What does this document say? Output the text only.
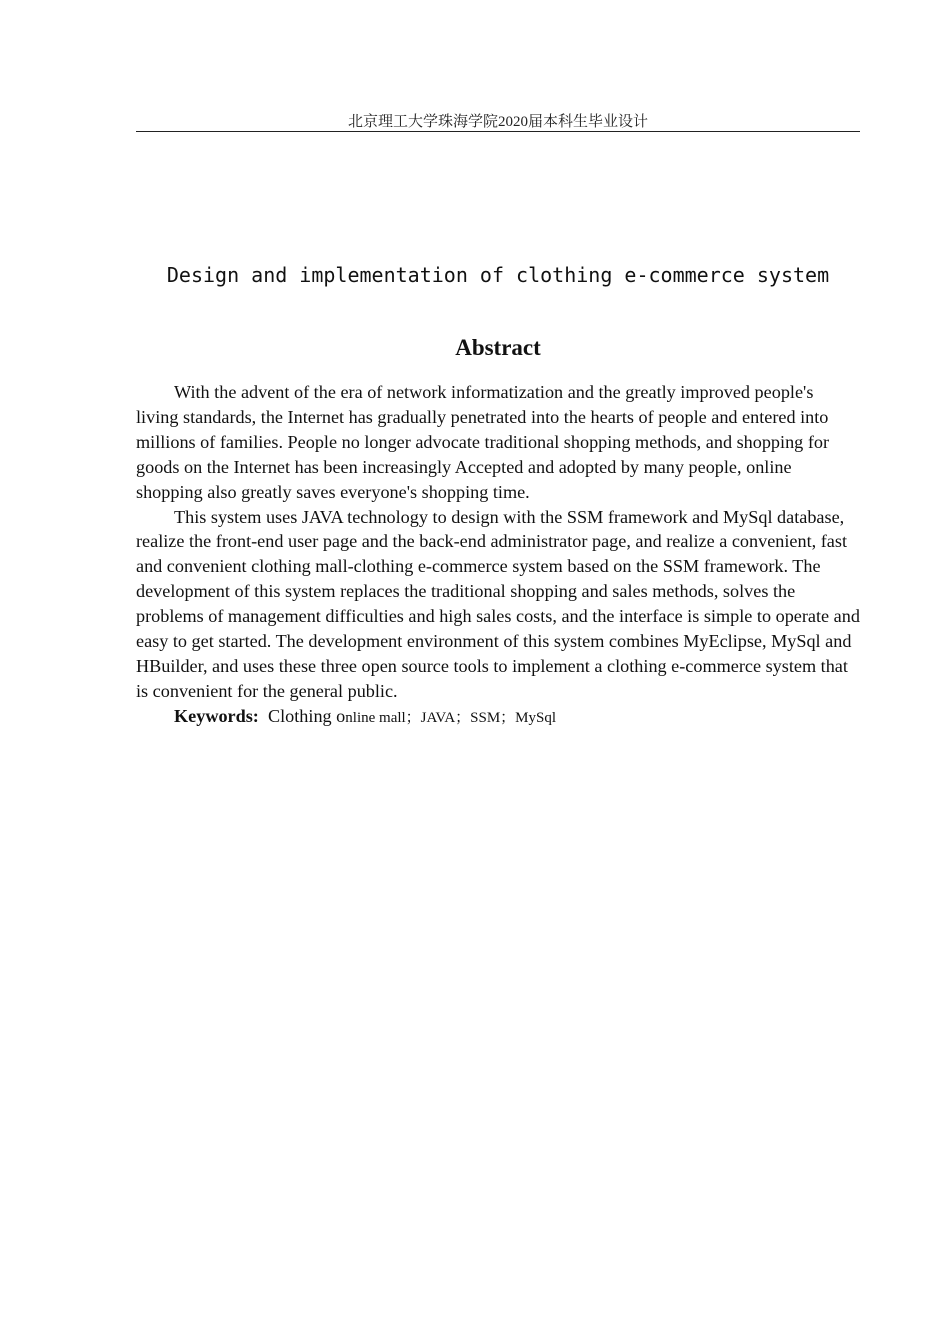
北京理工大学珠海学院2020届本科生毕业设计
Design and implementation of clothing e-commerce system
Abstract

With the advent of the era of network informatization and the greatly improved people's living standards, the Internet has gradually penetrated into the hearts of people and entered into millions of families. People no longer advocate traditional shopping methods, and shopping for goods on the Internet has been increasingly Accepted and adopted by many people, online shopping also greatly saves everyone's shopping time.

This system uses JAVA technology to design with the SSM framework and MySql database, realize the front-end user page and the back-end administrator page, and realize a convenient, fast and convenient clothing mall-clothing e-commerce system based on the SSM framework. The development of this system replaces the traditional shopping and sales methods, solves the problems of management difficulties and high sales costs, and the interface is simple to operate and easy to get started. The development environment of this system combines MyEclipse, MySql and HBuilder, and uses these three open source tools to implement a clothing e-commerce system that is convenient for the general public.

Keywords: Clothing online mall；JAVA；SSM；MySql
